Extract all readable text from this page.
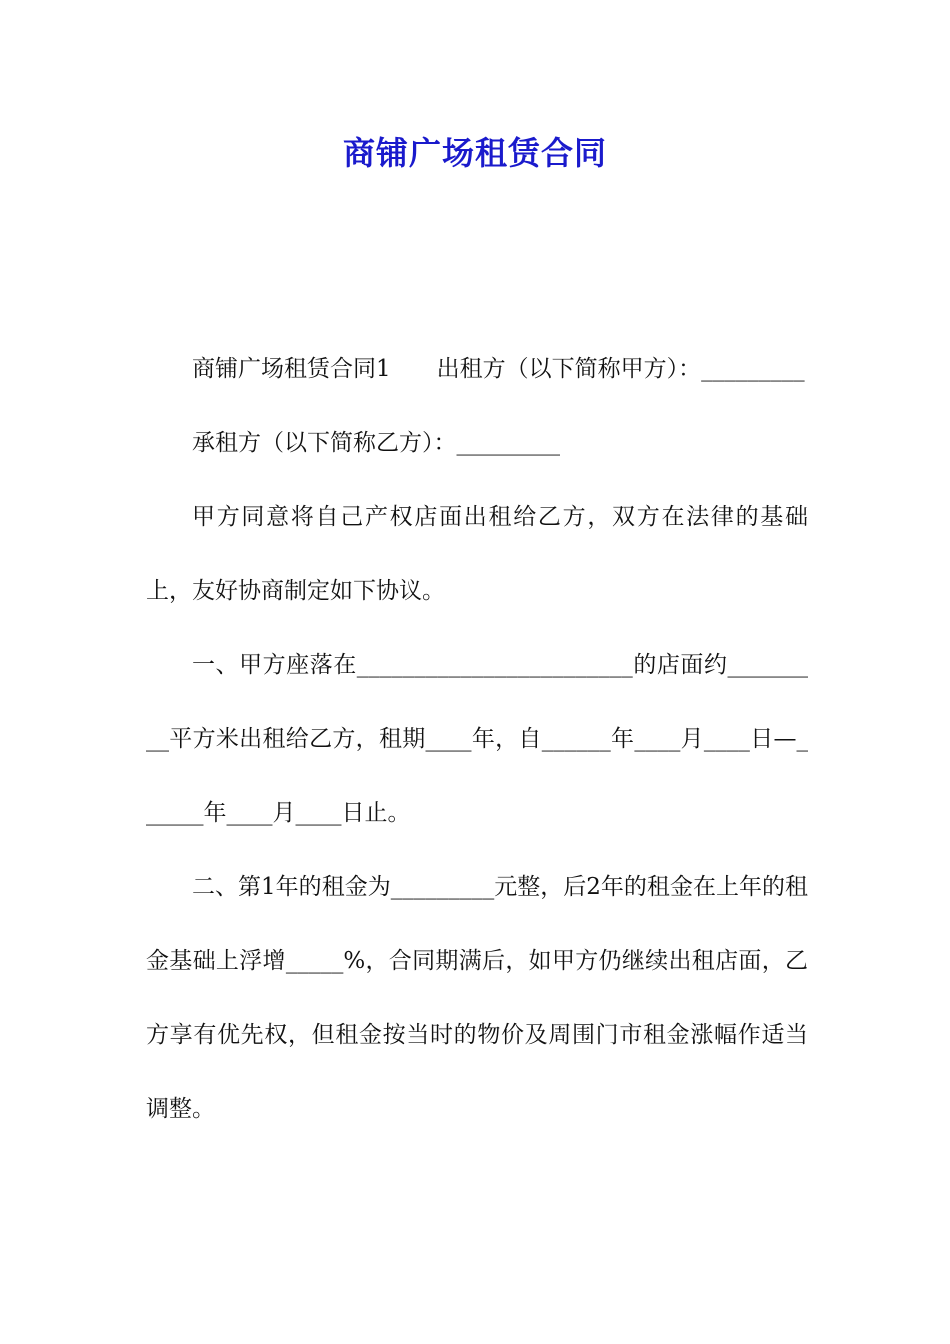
商铺广场租赁合同

商铺广场租赁合同1　　出租方（以下简称甲方）：_________

承租方（以下简称乙方）：_________

甲方同意将自己产权店面出租给乙方，双方在法律的基础上，友好协商制定如下协议。

一、甲方座落在________________________的店面约_________平方米出租给乙方，租期____年，自______年____月____日—______年____月____日止。

二、第1年的租金为_________元整，后2年的租金在上年的租金基础上浮增_____%，合同期满后，如甲方仍继续出租店面，乙方享有优先权，但租金按当时的物价及周围门市租金涨幅作适当调整。
